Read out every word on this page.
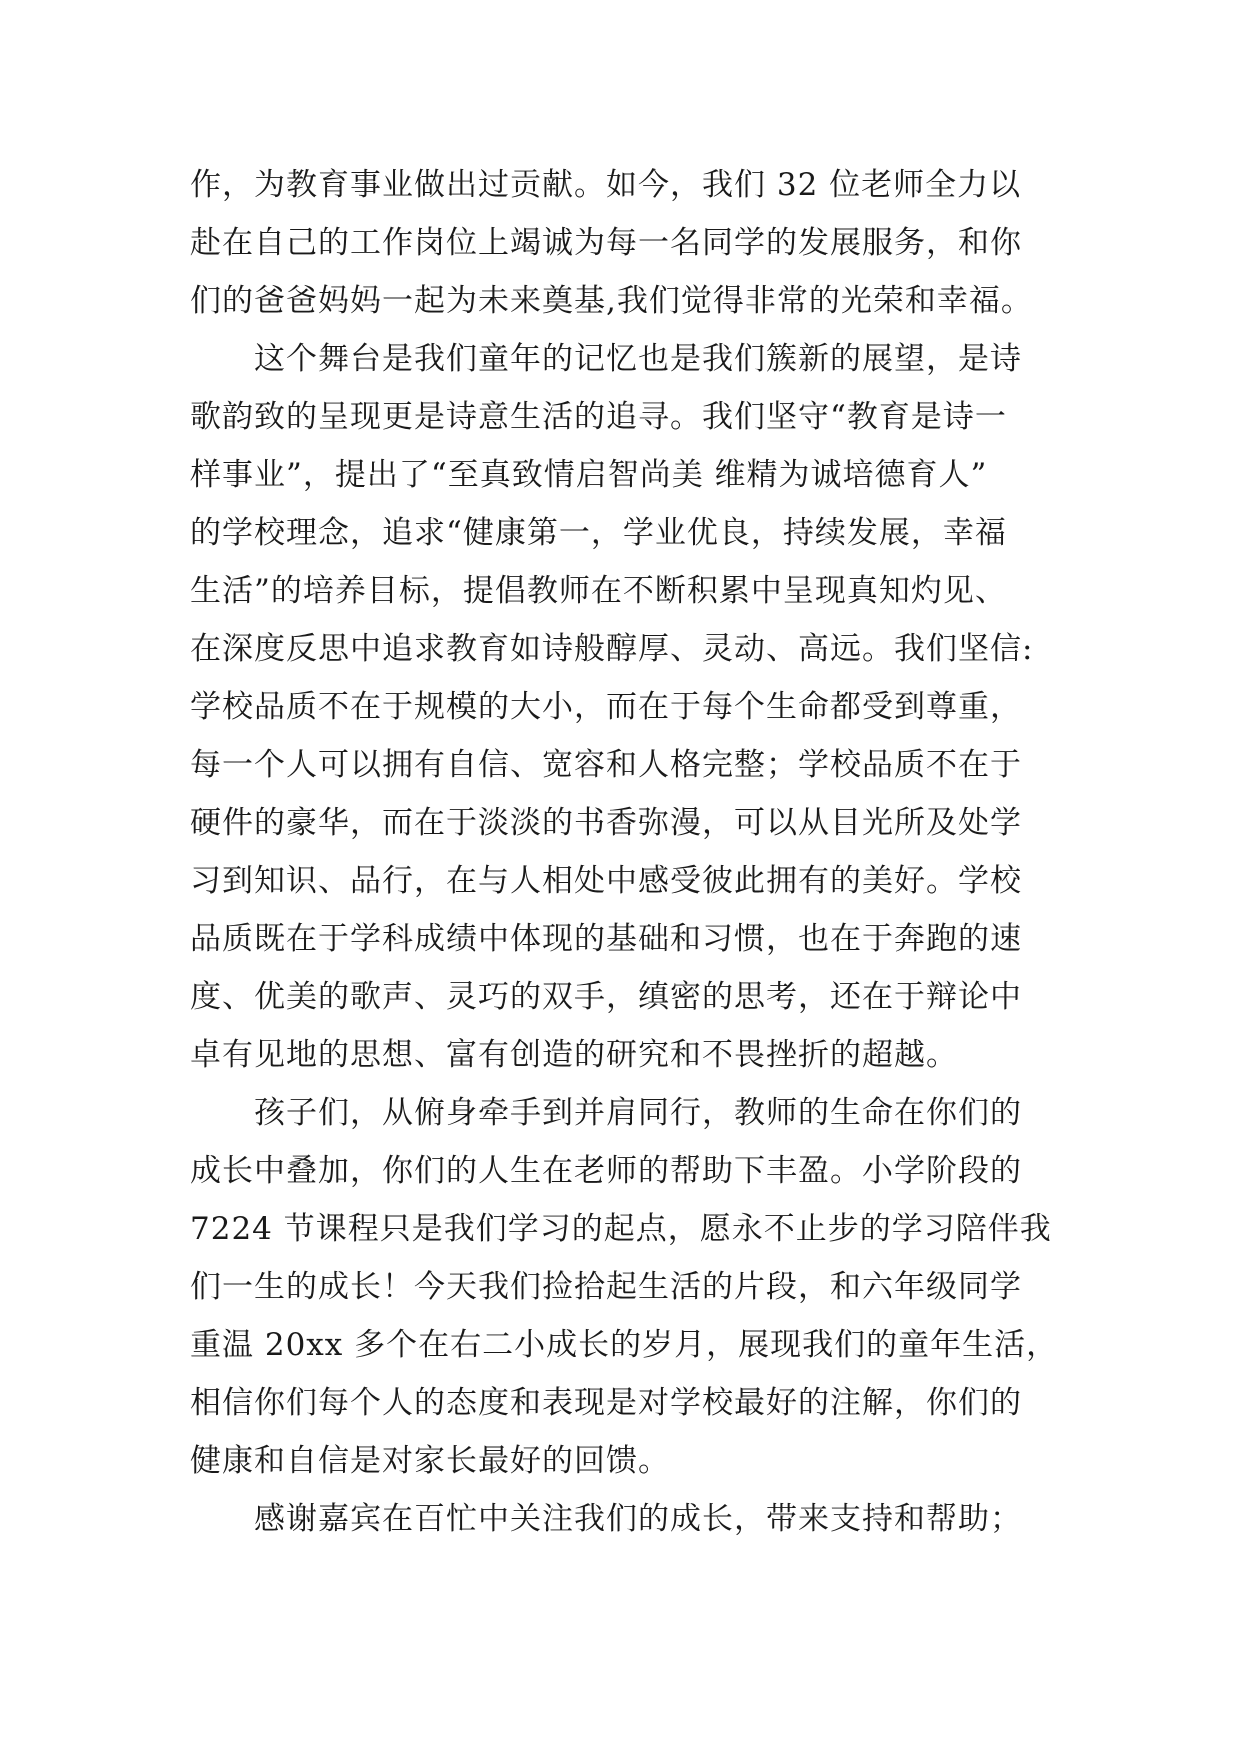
作，为教育事业做出过贡献。如今，我们 32 位老师全力以
赴在自己的工作岗位上竭诚为每一名同学的发展服务，和你
们的爸爸妈妈一起为未来奠基,我们觉得非常的光荣和幸福。
这个舞台是我们童年的记忆也是我们簇新的展望，是诗
歌韵致的呈现更是诗意生活的追寻。我们坚守“教育是诗一
样事业”，提出了“至真致情启智尚美 维精为诚培德育人”
的学校理念，追求“健康第一，学业优良，持续发展，幸福
生活”的培养目标，提倡教师在不断积累中呈现真知灼见、
在深度反思中追求教育如诗般醇厚、灵动、高远。我们坚信:
学校品质不在于规模的大小，而在于每个生命都受到尊重，
每一个人可以拥有自信、宽容和人格完整；学校品质不在于
硬件的豪华，而在于淡淡的书香弥漫，可以从目光所及处学
习到知识、品行，在与人相处中感受彼此拥有的美好。学校
品质既在于学科成绩中体现的基础和习惯，也在于奔跑的速
度、优美的歌声、灵巧的双手，缜密的思考，还在于辩论中
卓有见地的思想、富有创造的研究和不畏挫折的超越。
孩子们，从俯身牵手到并肩同行，教师的生命在你们的
成长中叠加，你们的人生在老师的帮助下丰盈。小学阶段的
7224 节课程只是我们学习的起点，愿永不止步的学习陪伴我
们一生的成长！今天我们捡拾起生活的片段，和六年级同学
重温 20xx 多个在右二小成长的岁月，展现我们的童年生活，
相信你们每个人的态度和表现是对学校最好的注解，你们的
健康和自信是对家长最好的回馈。
感谢嘉宾在百忙中关注我们的成长，带来支持和帮助；
